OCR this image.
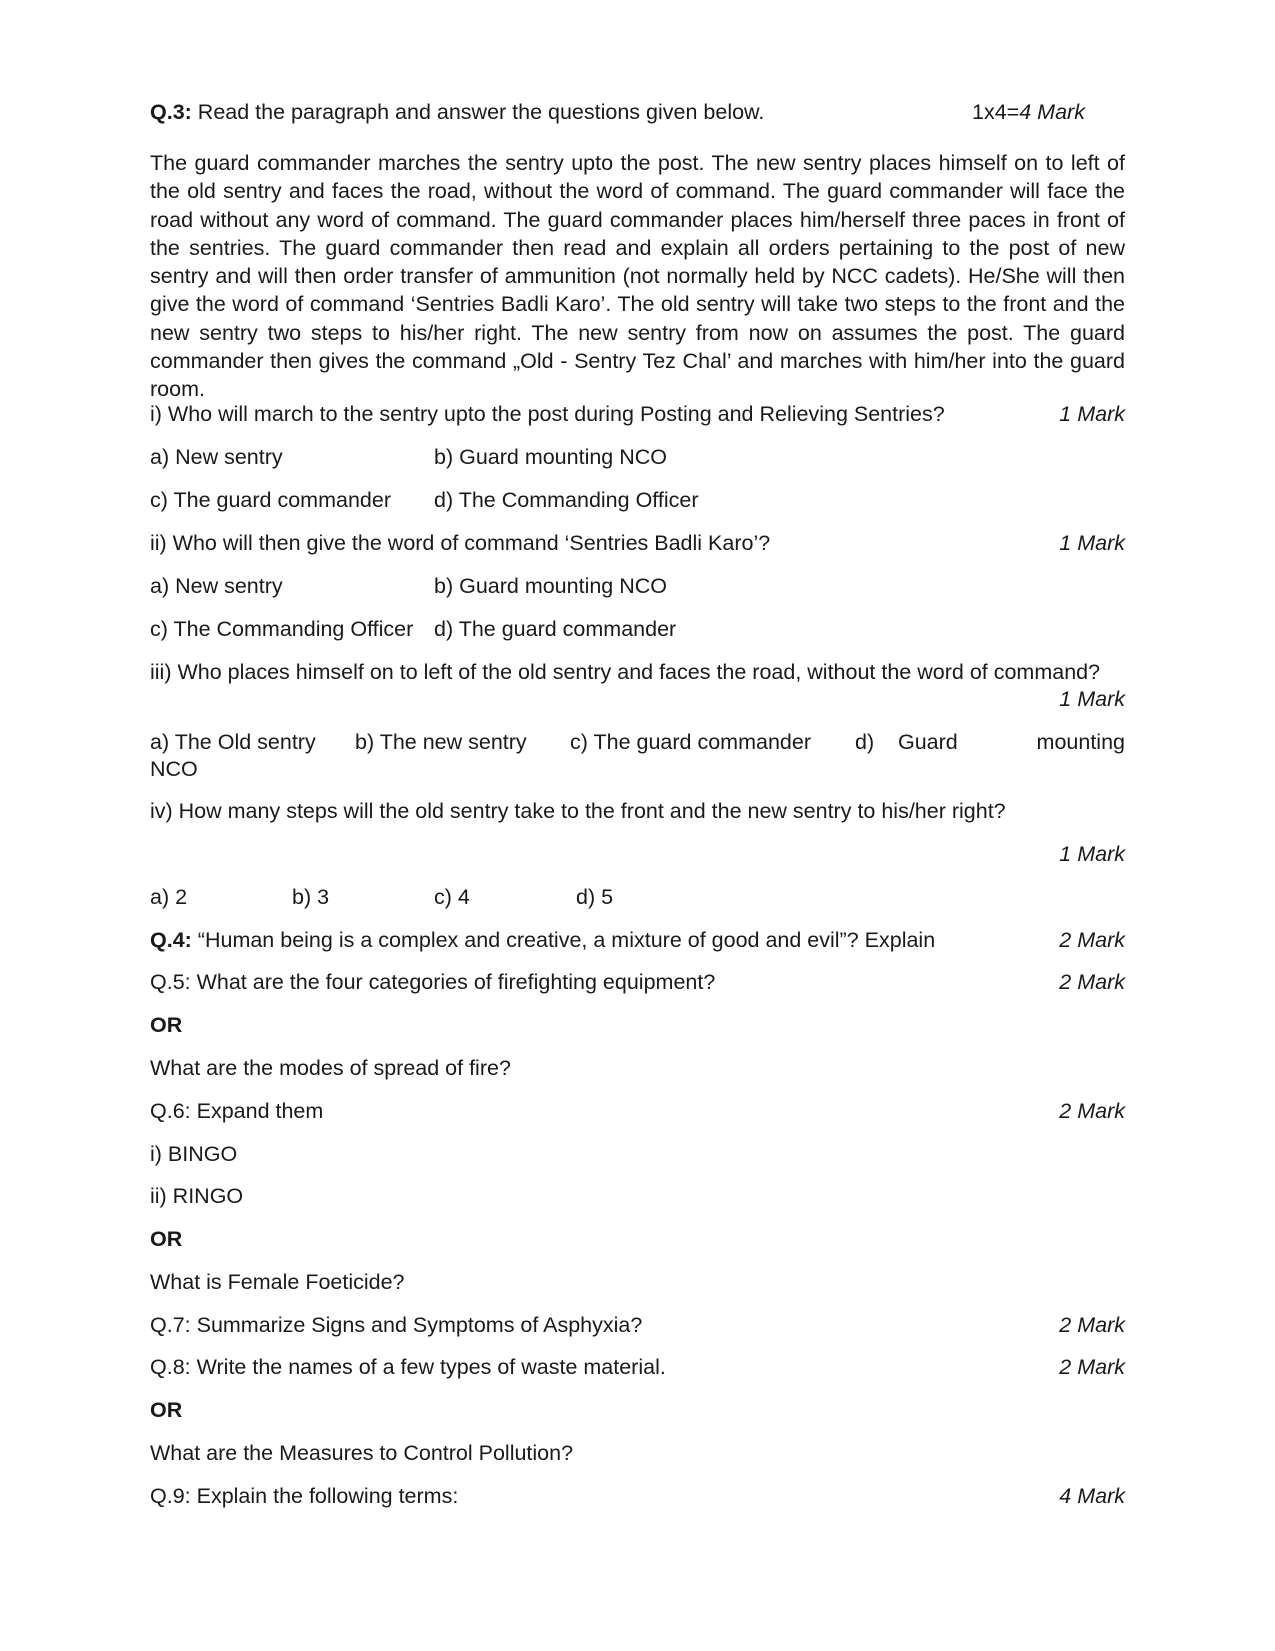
Q.3: Read the paragraph and answer the questions given below.	1x4=4 Mark
The guard commander marches the sentry upto the post. The new sentry places himself on to left of the old sentry and faces the road, without the word of command. The guard commander will face the road without any word of command. The guard commander places him/herself three paces in front of the sentries. The guard commander then read and explain all orders pertaining to the post of new sentry and will then order transfer of ammunition (not normally held by NCC cadets). He/She will then give the word of command ‘Sentries Badli Karo’. The old sentry will take two steps to the front and the new sentry two steps to his/her right. The new sentry from now on assumes the post. The guard commander then gives the command „Old - Sentry Tez Chal’ and marches with him/her into the guard room.
i) Who will march to the sentry upto the post during Posting and Relieving Sentries?	1 Mark
a) New sentry	b) Guard mounting NCO
c) The guard commander d) The Commanding Officer
ii) Who will then give the word of command ‘Sentries Badli Karo’?	1 Mark
a) New sentry	b) Guard mounting NCO
c) The Commanding Officer d) The guard commander
iii) Who places himself on to left of the old sentry and faces the road, without the word of command?
1 Mark
a) The Old sentry b) The new sentry c) The guard commander d) Guard	mounting
NCO
iv) How many steps will the old sentry take to the front and the new sentry to his/her right?
1 Mark
a) 2	b) 3	c) 4	d) 5
Q.4: “Human being is a complex and creative, a mixture of good and evil”? Explain	2 Mark
Q.5: What are the four categories of firefighting equipment?	2 Mark
OR
What are the modes of spread of fire?
Q.6: Expand them	2 Mark
i) BINGO
ii) RINGO
OR
What is Female Foeticide?
Q.7: Summarize Signs and Symptoms of Asphyxia?	2 Mark
Q.8: Write the names of a few types of waste material.	2 Mark
OR
What are the Measures to Control Pollution?
Q.9: Explain the following terms:	4 Mark
